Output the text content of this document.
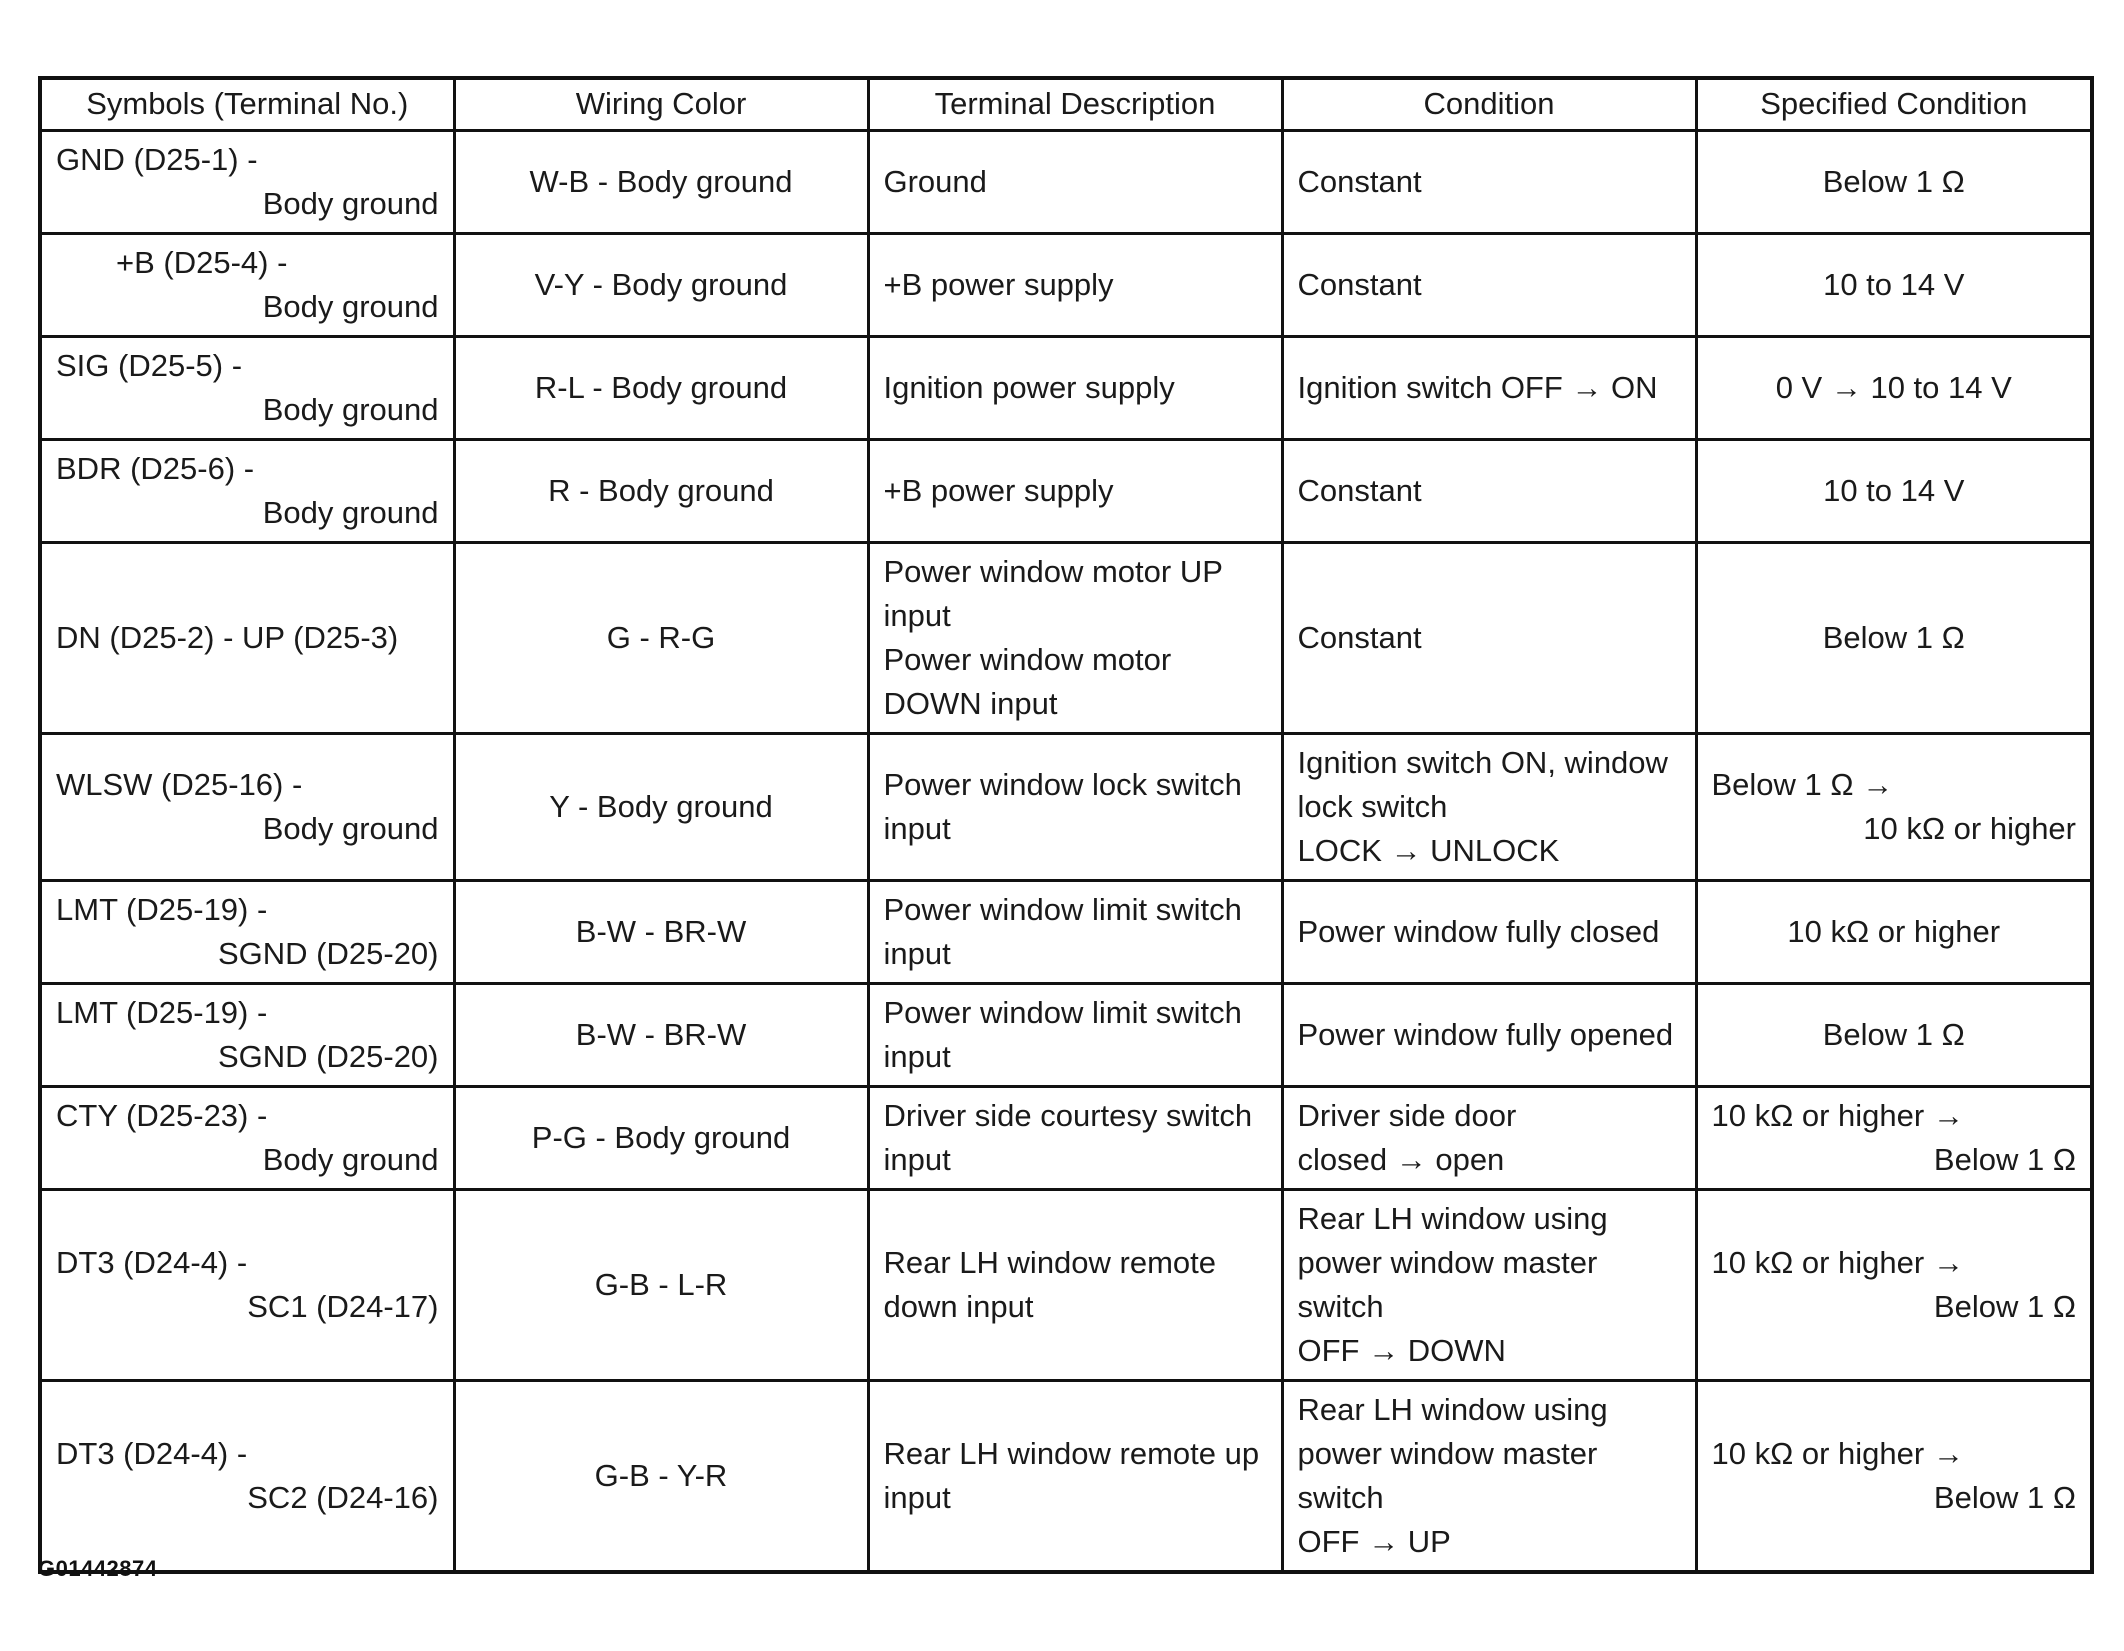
Symbols (Terminal No.)	Wiring Color	Terminal Description	Condition	Specified Condition

GND (D25-1) -
Body ground	W-B - Body ground	Ground	Constant	Below 1 Ω

+B (D25-4) -
Body ground	V-Y - Body ground	+B power supply	Constant	10 to 14 V

SIG (D25-5) -
Body ground	R-L - Body ground	Ignition power supply	Ignition switch OFF → ON	0 V → 10 to 14 V

BDR (D25-6) -
Body ground	R - Body ground	+B power supply	Constant	10 to 14 V

DN (D25-2) - UP (D25-3)	G - R-G	Power window motor UP
input
Power window motor
DOWN input	Constant	Below 1 Ω

WLSW (D25-16) -
Body ground	Y - Body ground	Power window lock switch
input	Ignition switch ON, window
lock switch
LOCK → UNLOCK	Below 1 Ω →
10 kΩ or higher

LMT (D25-19) -
SGND (D25-20)	B-W - BR-W	Power window limit switch
input	Power window fully closed	10 kΩ or higher

LMT (D25-19) -
SGND (D25-20)	B-W - BR-W	Power window limit switch
input	Power window fully opened	Below 1 Ω

CTY (D25-23) -
Body ground	P-G - Body ground	Driver side courtesy switch
input	Driver side door
closed → open	10 kΩ or higher →
Below 1 Ω

DT3 (D24-4) -
SC1 (D24-17)	G-B - L-R	Rear LH window remote
down input	Rear LH window using
power window master
switch
OFF → DOWN	10 kΩ or higher →
Below 1 Ω

DT3 (D24-4) -
SC2 (D24-16)	G-B - Y-R	Rear LH window remote up
input	Rear LH window using
power window master
switch
OFF → UP	10 kΩ or higher →
Below 1 Ω
G01442874
